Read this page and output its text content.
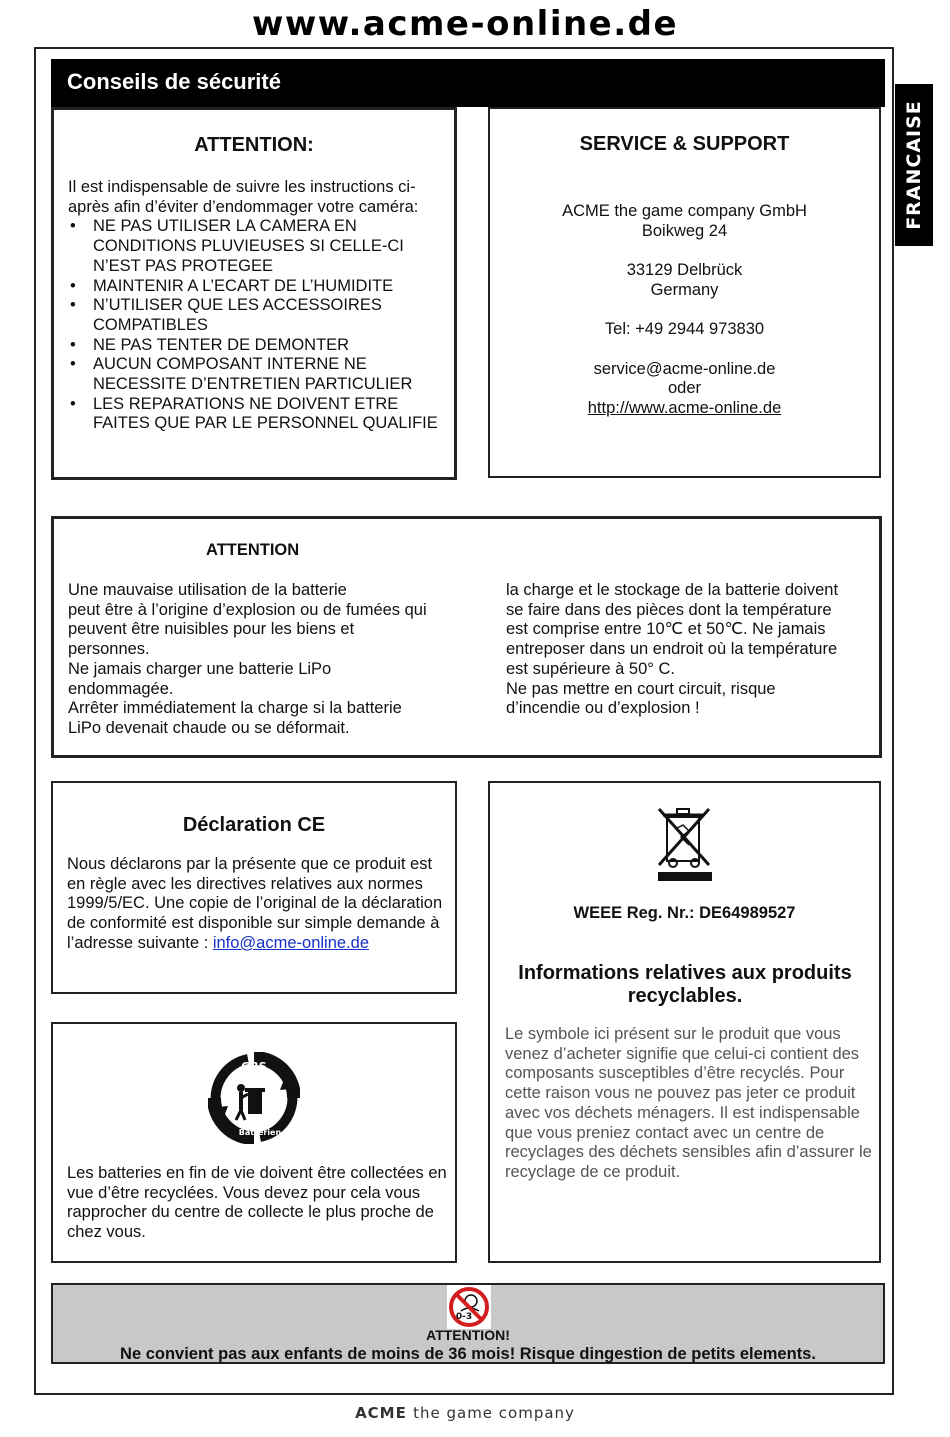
www.acme-online.de
Conseils de sécurité
FRANCAISE
ATTENTION:
Il est indispensable de suivre les instructions ci-après afin d’éviter d’endommager votre caméra:
• NE PAS UTILISER LA CAMERA EN CONDITIONS PLUVIEUSES SI CELLE-CI N’EST PAS PROTEGEE
• MAINTENIR A L’ECART DE L’HUMIDITE
• N’UTILISER QUE LES ACCESSOIRES COMPATIBLES
• NE PAS TENTER DE DEMONTER
• AUCUN COMPOSANT INTERNE NE NECESSITE D’ENTRETIEN PARTICULIER
• LES REPARATIONS NE DOIVENT ETRE FAITES QUE PAR LE PERSONNEL QUALIFIE
SERVICE & SUPPORT
ACME the game company GmbH
Boikweg 24
33129 Delbrück
Germany
Tel: +49 2944 973830
service@acme-online.de
oder
http://www.acme-online.de
ATTENTION
Une mauvaise utilisation de la batterie
peut être à l’origine d’explosion ou de fumées qui
peuvent être nuisibles pour les biens et
personnes.
Ne jamais charger une batterie LiPo
endommagée.
Arrêter immédiatement la charge si la batterie
LiPo devenait chaude ou se déformait.
la charge et le stockage de la batterie doivent
se faire dans des pièces dont la température
est comprise entre 10℃ et 50℃. Ne jamais
entreposer dans un endroit où la température
est supérieure à 50° C.
Ne pas mettre en court circuit, risque
d’incendie ou d’explosion !
Déclaration CE
Nous déclarons par la présente que ce produit est en règle avec les directives relatives aux normes 1999/5/EC. Une copie de l’original de la déclaration de conformité est disponible sur simple demande à l’adresse suivante : info@acme-online.de
GRS
Batterien
Les batteries en fin de vie doivent être collectées en vue d’être recyclées. Vous devez pour cela vous rapprocher du centre de collecte le plus proche de chez vous.
WEEE Reg. Nr.: DE64989527
Informations relatives aux produits recyclables.
Le symbole ici présent sur le produit que vous venez d’acheter signifie que celui-ci contient des composants susceptibles d’être recyclés. Pour cette raison vous ne pouvez pas jeter ce produit avec vos déchets ménagers. Il est indispensable que vous preniez contact avec un centre de recyclages des déchets sensibles afin d’assurer le recyclage de ce produit.
0-3
ATTENTION!
Ne convient pas aux enfants de moins de 36 mois! Risque dingestion de petits elements.
ACME the game company
